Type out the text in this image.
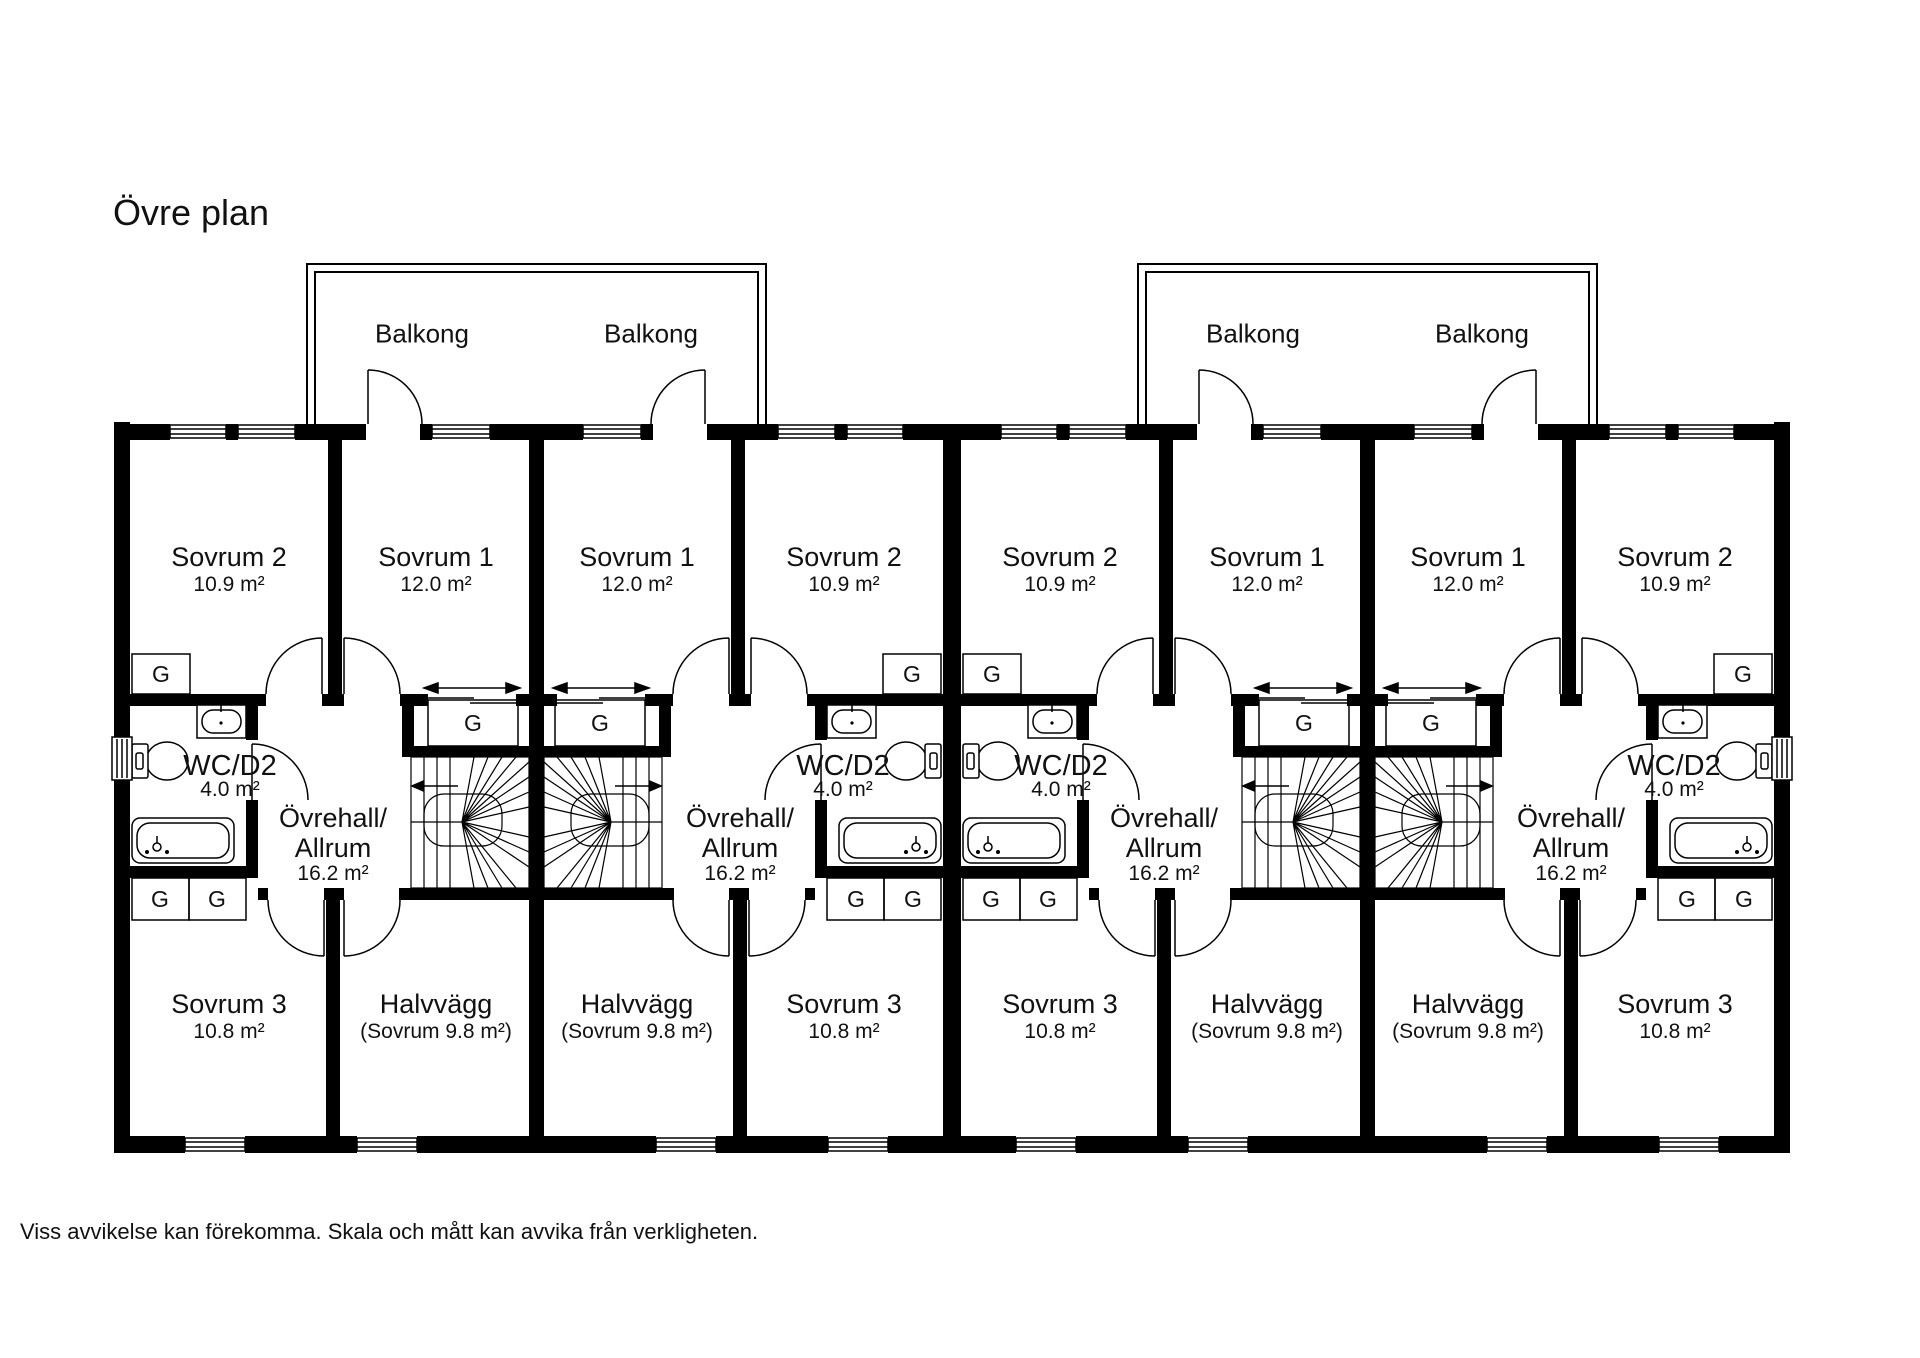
Övre plan
Balkong
Sovrum 2
10.9 m²
Sovrum 1
12.0 m²
G
G
WC/D2
4.0 m²
Övrehall/
Allrum
16.2 m²
G G
Sovrum 3
10.8 m²
Halvvägg
(Sovrum 9.8 m²)
Balkong
Sovrum 2
10.9 m²
Sovrum 1
12.0 m²
G
G
WC/D2
4.0 m²
Övrehall/
Allrum
16.2 m²
G
G
Sovrum 3
10.8 m²
Halvvägg
(Sovrum 9.8 m²)
Balkong
Sovrum 2
10.9 m²
Sovrum 1
12.0 m²
G
G
WC/D2
4.0 m²
Övrehall/
Allrum
16.2 m²
G G
Sovrum 3
10.8 m²
Halvvägg
(Sovrum 9.8 m²)
Balkong
Sovrum 2
10.9 m²
Sovrum 1
12.0 m²
G
G
WC/D2
4.0 m²
Övrehall/
Allrum
16.2 m²
G
G
Sovrum 3
10.8 m²
Halvvägg
(Sovrum 9.8 m²)
Viss avvikelse kan förekomma. Skala och mått kan avvika från verkligheten.
